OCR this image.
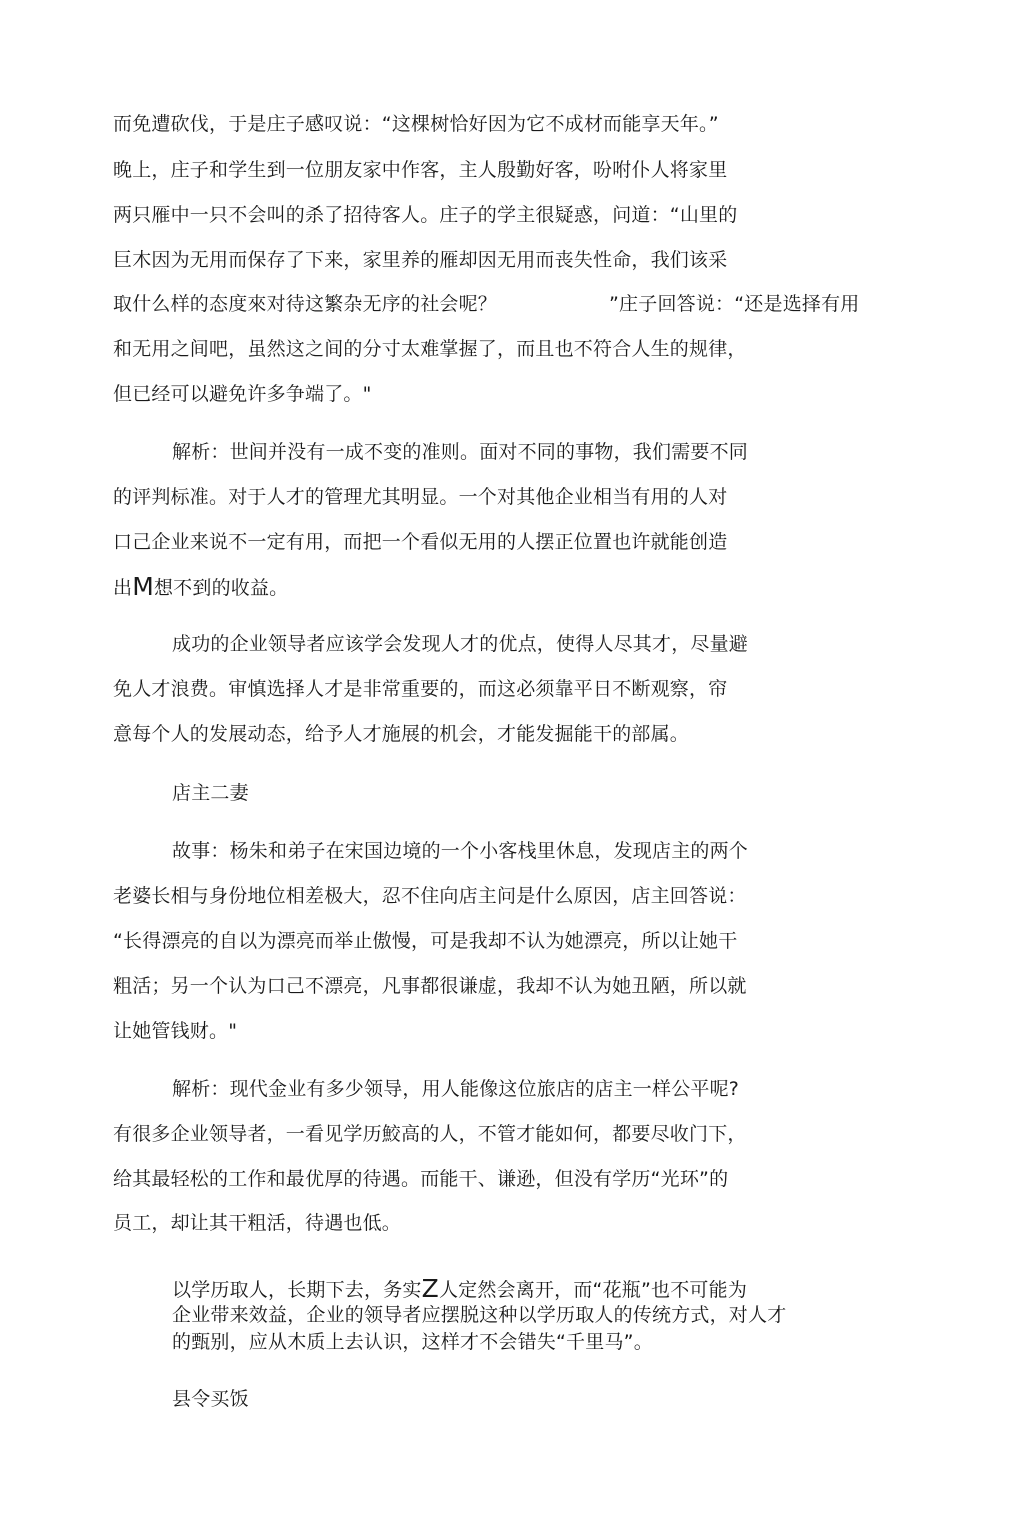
而免遭砍伐，于是庄子感叹说：“这棵树恰好因为它不成材而能享天年。”
晚上，庄子和学生到一位朋友家中作客，主人殷勤好客，吩咐仆人将家里
两只雁中一只不会叫的杀了招待客人。庄子的学主很疑惑，问道：“山里的
巨木因为无用而保存了下来，家里养的雁却因无用而丧失性命，我们该采
取什么样的态度來对待这繁杂无序的社会呢？	”庄子回答说：“还是选择有用
和无用之间吧，虽然这之间的分寸太难掌握了，而且也不符合人生的规律，
但已经可以避免许多争端了。"
解析：世间并没有一成不变的准则。面对不同的事物，我们需要不同
的评判标准。对于人才的管理尤其明显。一个对其他企业相当有用的人对
口己企业来说不一定有用，而把一个看似无用的人摆正位置也许就能创造
出M想不到的收益。
成功的企业领导者应该学会发现人才的优点，使得人尽其才，尽量避
免人才浪费。审慎选择人才是非常重要的，而这必须靠平日不断观察，帘
意每个人的发展动态，给予人才施展的机会，才能发掘能干的部属。
店主二妻
故事：杨朱和弟子在宋国边境的一个小客栈里休息，发现店主的两个
老婆长相与身份地位相差极大，忍不住向店主问是什么原因，店主回答说：
“长得漂亮的自以为漂亮而举止傲慢，可是我却不认为她漂亮，所以让她干
粗活；另一个认为口己不漂亮，凡事都很谦虚，我却不认为她丑陋，所以就
让她管钱财。"
解析：现代金业有多少领导，用人能像这位旅店的店主一样公平呢?
有很多企业领导者，一看见学历鮫高的人，不管才能如何，都要尽收门下，
给其最轻松的工作和最优厚的待遇。而能干、谦逊，但没有学历“光环”的
员工，却让其干粗活，待遇也低。
以学历取人，长期下去，务实Z人定然会离开，而“花瓶”也不可能为
企业带来效益，企业的领导者应摆脱这种以学历取人的传统方式，对人才
的甄别，应从木质上去认识，这样才不会错失“千里马”。
县令买饭
